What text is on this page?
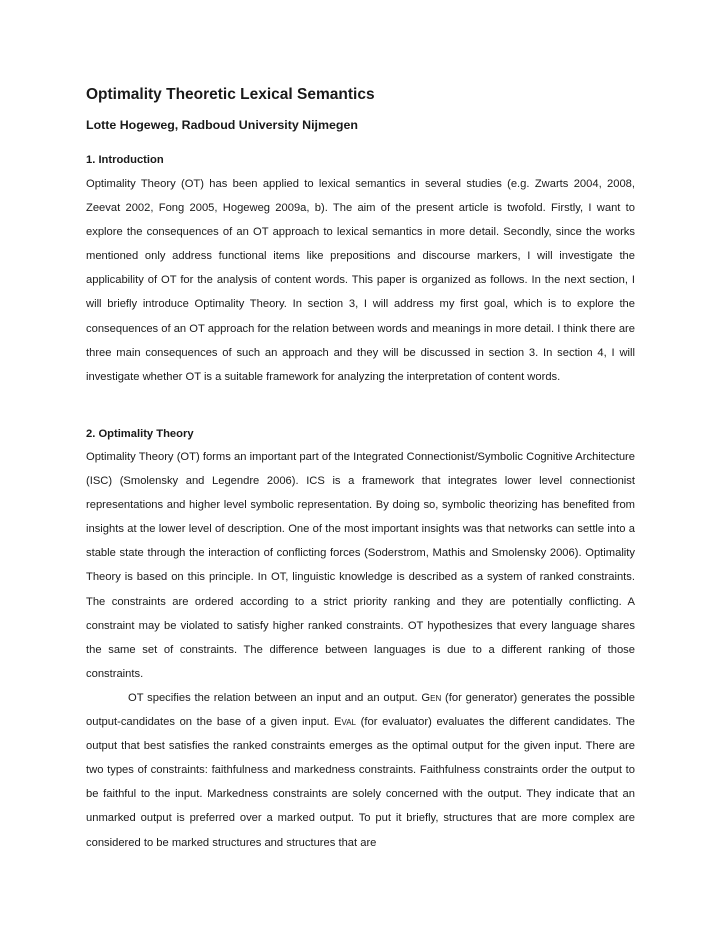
Optimality Theoretic Lexical Semantics
Lotte Hogeweg, Radboud University Nijmegen
1. Introduction

Optimality Theory (OT) has been applied to lexical semantics in several studies (e.g. Zwarts 2004, 2008, Zeevat 2002, Fong 2005, Hogeweg 2009a, b). The aim of the present article is twofold. Firstly, I want to explore the consequences of an OT approach to lexical semantics in more detail. Secondly, since the works mentioned only address functional items like prepositions and discourse markers, I will investigate the applicability of OT for the analysis of content words. This paper is organized as follows. In the next section, I will briefly introduce Optimality Theory. In section 3, I will address my first goal, which is to explore the consequences of an OT approach for the relation between words and meanings in more detail. I think there are three main consequences of such an approach and they will be discussed in section 3. In section 4, I will investigate whether OT is a suitable framework for analyzing the interpretation of content words.

2. Optimality Theory

Optimality Theory (OT) forms an important part of the Integrated Connectionist/Symbolic Cognitive Architecture (ISC) (Smolensky and Legendre 2006). ICS is a framework that integrates lower level connectionist representations and higher level symbolic representation. By doing so, symbolic theorizing has benefited from insights at the lower level of description. One of the most important insights was that networks can settle into a stable state through the interaction of conflicting forces (Soderstrom, Mathis and Smolensky 2006). Optimality Theory is based on this principle. In OT, linguistic knowledge is described as a system of ranked constraints. The constraints are ordered according to a strict priority ranking and they are potentially conflicting. A constraint may be violated to satisfy higher ranked constraints. OT hypothesizes that every language shares the same set of constraints. The difference between languages is due to a different ranking of those constraints.

OT specifies the relation between an input and an output. Gen (for generator) generates the possible output-candidates on the base of a given input. Eval (for evaluator) evaluates the different candidates. The output that best satisfies the ranked constraints emerges as the optimal output for the given input. There are two types of constraints: faithfulness and markedness constraints. Faithfulness constraints order the output to be faithful to the input. Markedness constraints are solely concerned with the output. They indicate that an unmarked output is preferred over a marked output. To put it briefly, structures that are more complex are considered to be marked structures and structures that are
